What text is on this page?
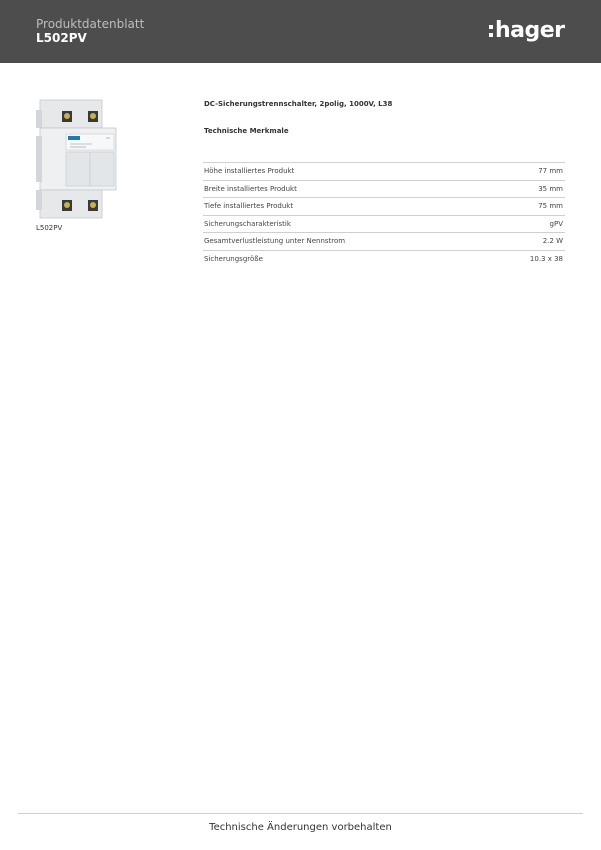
Produktdatenblatt
L502PV	hager
L502PV
DC-Sicherungstrennschalter, 2polig, 1000V, L38
Technische Merkmale
Höhe installiertes Produkt	77 mm
Breite installiertes Produkt	35 mm
Tiefe installiertes Produkt	75 mm
Sicherungscharakteristik	gPV
Gesamtverlustleistung unter Nennstrom	2.2 W
Sicherungsgröße	10.3 x 38
Technische Änderungen vorbehalten
